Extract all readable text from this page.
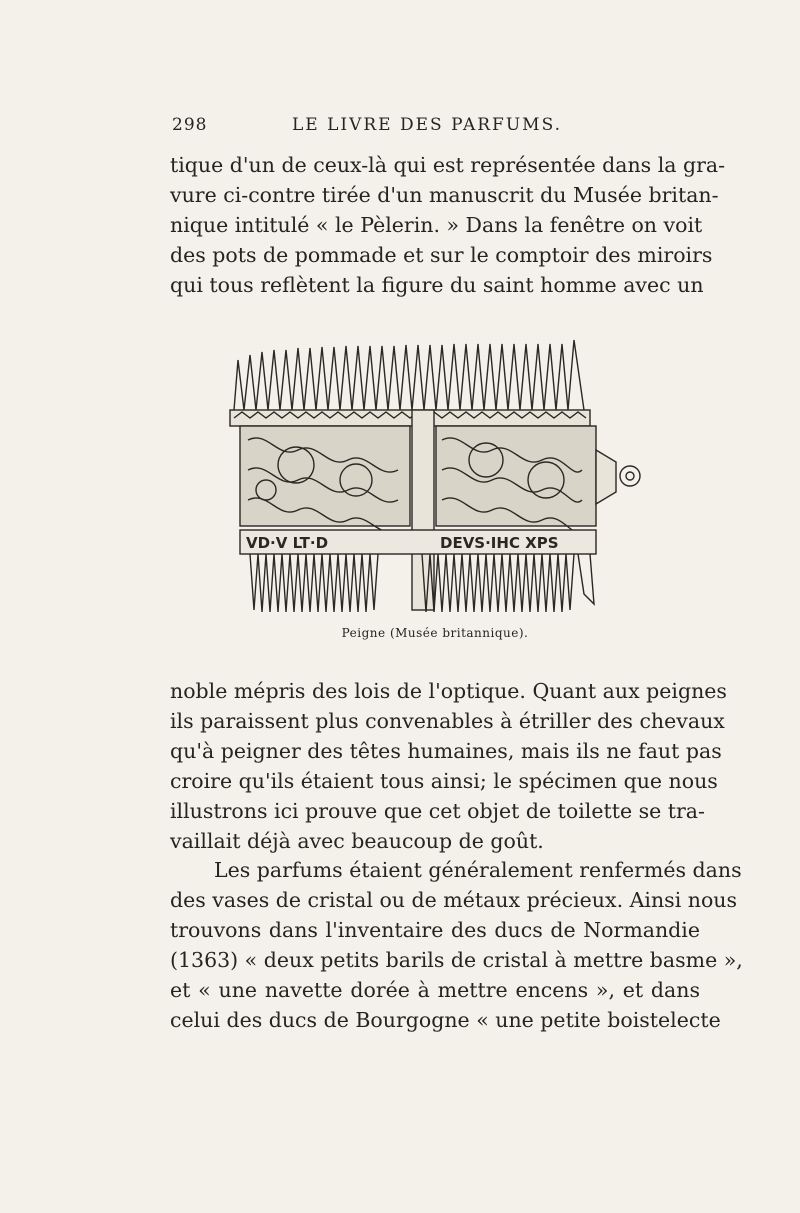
298	LE LIVRE DES PARFUMS.

tique d'un de ceux-là qui est représentée dans la gra-
vure ci-contre tirée d'un manuscrit du Musée britan-
nique intitulé « le Pèlerin. » Dans la fenêtre on voit
des pots de pommade et sur le comptoir des miroirs
qui tous reflètent la figure du saint homme avec un

VD·V LT·D	DEVS·IHC XPS
Peigne (Musée britannique).

noble mépris des lois de l'optique. Quant aux peignes
ils paraissent plus convenables à étriller des chevaux
qu'à peigner des têtes humaines, mais ils ne faut pas
croire qu'ils étaient tous ainsi; le spécimen que nous
illustrons ici prouve que cet objet de toilette se tra-
vaillait déjà avec beaucoup de goût.

Les parfums étaient généralement renfermés dans
des vases de cristal ou de métaux précieux. Ainsi nous
trouvons dans l'inventaire des ducs de Normandie
(1363) « deux petits barils de cristal à mettre basme »,
et « une navette dorée à mettre encens », et dans
celui des ducs de Bourgogne « une petite boistelecte
